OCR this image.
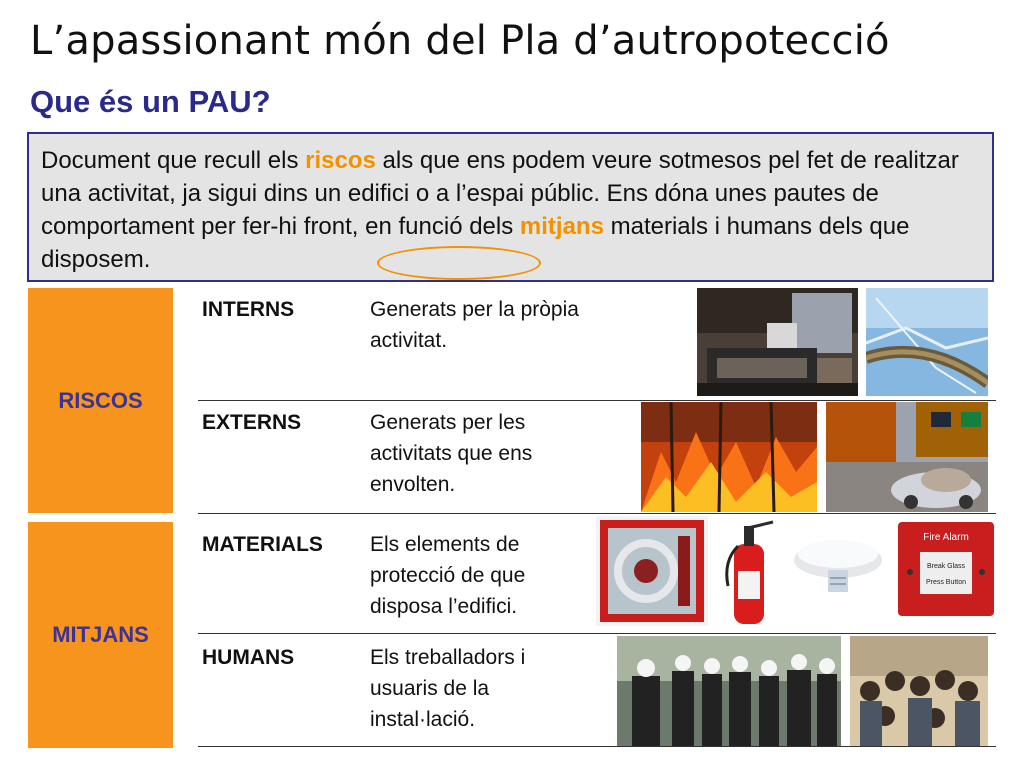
L’apassionant món del Pla d’autropotecció
Que és un PAU?
Document que recull els riscos als que ens podem veure sotmesos pel fet de realitzar una activitat, ja sigui dins un edifici o a l’espai públic. Ens dóna unes pautes de comportament per fer-hi front, en funció dels mitjans materials i humans dels que disposem.
RISCOS
MITJANS
INTERNS	Generats per la pròpia activitat.
EXTERNS	Generats per les activitats que ens envolten.
MATERIALS Els elements de protecció de que disposa l’edifici.
HUMANS	Els treballadors i usuaris de la instal·lació.
Fire Alarm
Break Glass
Press Button
